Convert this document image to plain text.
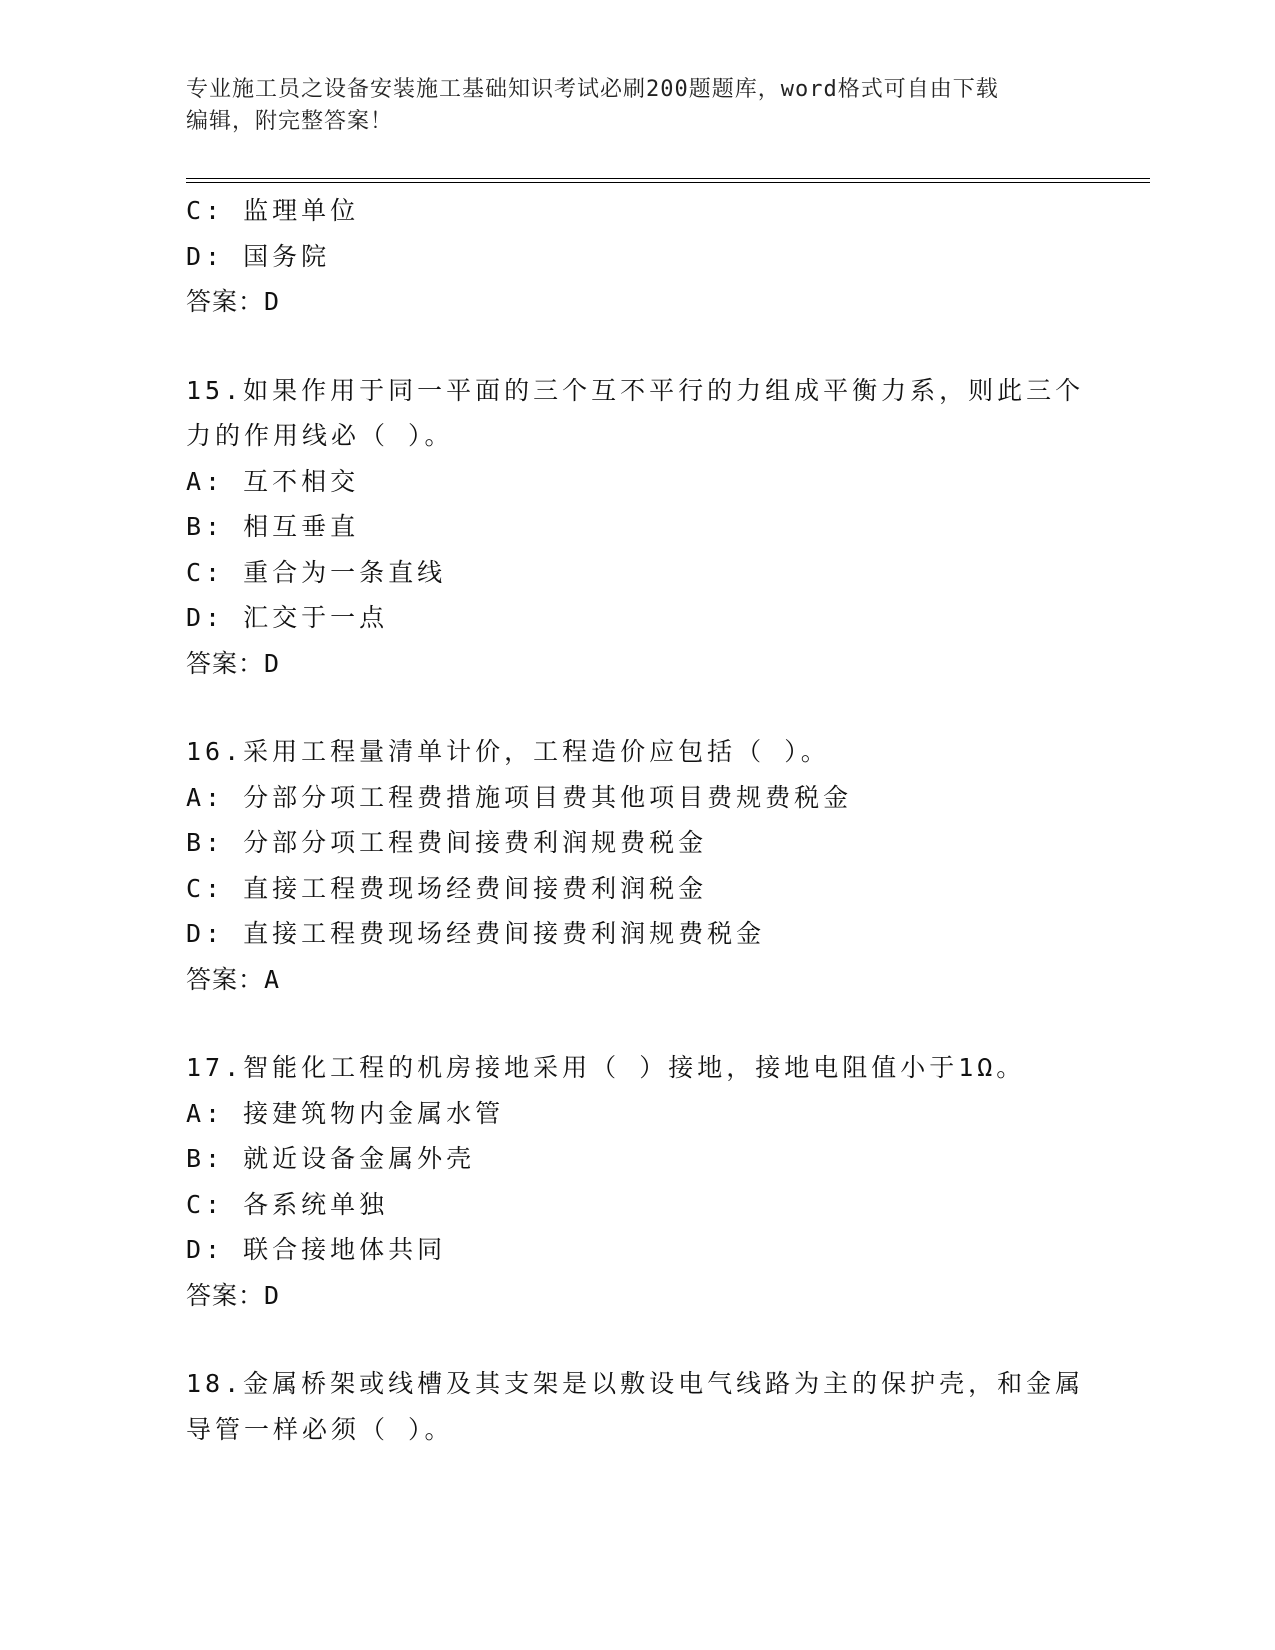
专业施工员之设备安装施工基础知识考试必刷200题题库，word格式可自由下载
编辑，附完整答案！
C: 监理单位
D: 国务院
答案：D
15.如果作用于同一平面的三个互不平行的力组成平衡力系，则此三个
力的作用线必（ ）。
A: 互不相交
B: 相互垂直
C: 重合为一条直线
D: 汇交于一点
答案：D
16.采用工程量清单计价，工程造价应包括（ ）。
A: 分部分项工程费措施项目费其他项目费规费税金
B: 分部分项工程费间接费利润规费税金
C: 直接工程费现场经费间接费利润税金
D: 直接工程费现场经费间接费利润规费税金
答案：A
17.智能化工程的机房接地采用（ ）接地，接地电阻值小于1Ω。
A: 接建筑物内金属水管
B: 就近设备金属外壳
C: 各系统单独
D: 联合接地体共同
答案：D
18.金属桥架或线槽及其支架是以敷设电气线路为主的保护壳，和金属
导管一样必须（ ）。
